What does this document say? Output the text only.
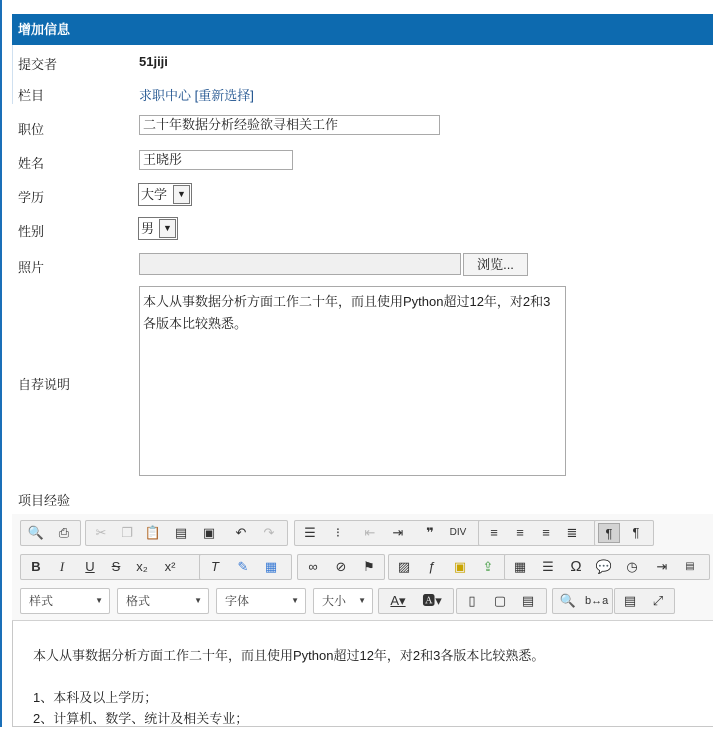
增加信息
提交者	51jiji
栏目	求职中心 [重新选择]
职位	二十年数据分析经验欲寻相关工作
姓名	王晓彤
学历	大学	▼
性别	男	▼
照片	浏览...
自荐说明
本人从事数据分析方面工作二十年，而且使用Python超过12年，对2和3各版本比较熟悉。
项目经验
🔍	⎙	✂	❐ 📋	▤	▣	↶	↷	☰	⁝	⇤	⇥	❞	DIV	≡	≡	≡	≣	¶	¶
B	I	U	S	x₂	x²	T	✎	▦	∞	⊘	⚑	▨	ƒ	▣	⇪	▦	☰	Ω	💬	◷	⇥	▤
样式	▼	格式	▼	字体	▼	大小 ▼	A▾	🅰▾	▯	▢	▤	🔍 b↔a	▤	⤢
本人从事数据分析方面工作二十年，而且使用Python超过12年，对2和3各版本比较熟悉。
1、本科及以上学历；
2、计算机、数学、统计及相关专业；
